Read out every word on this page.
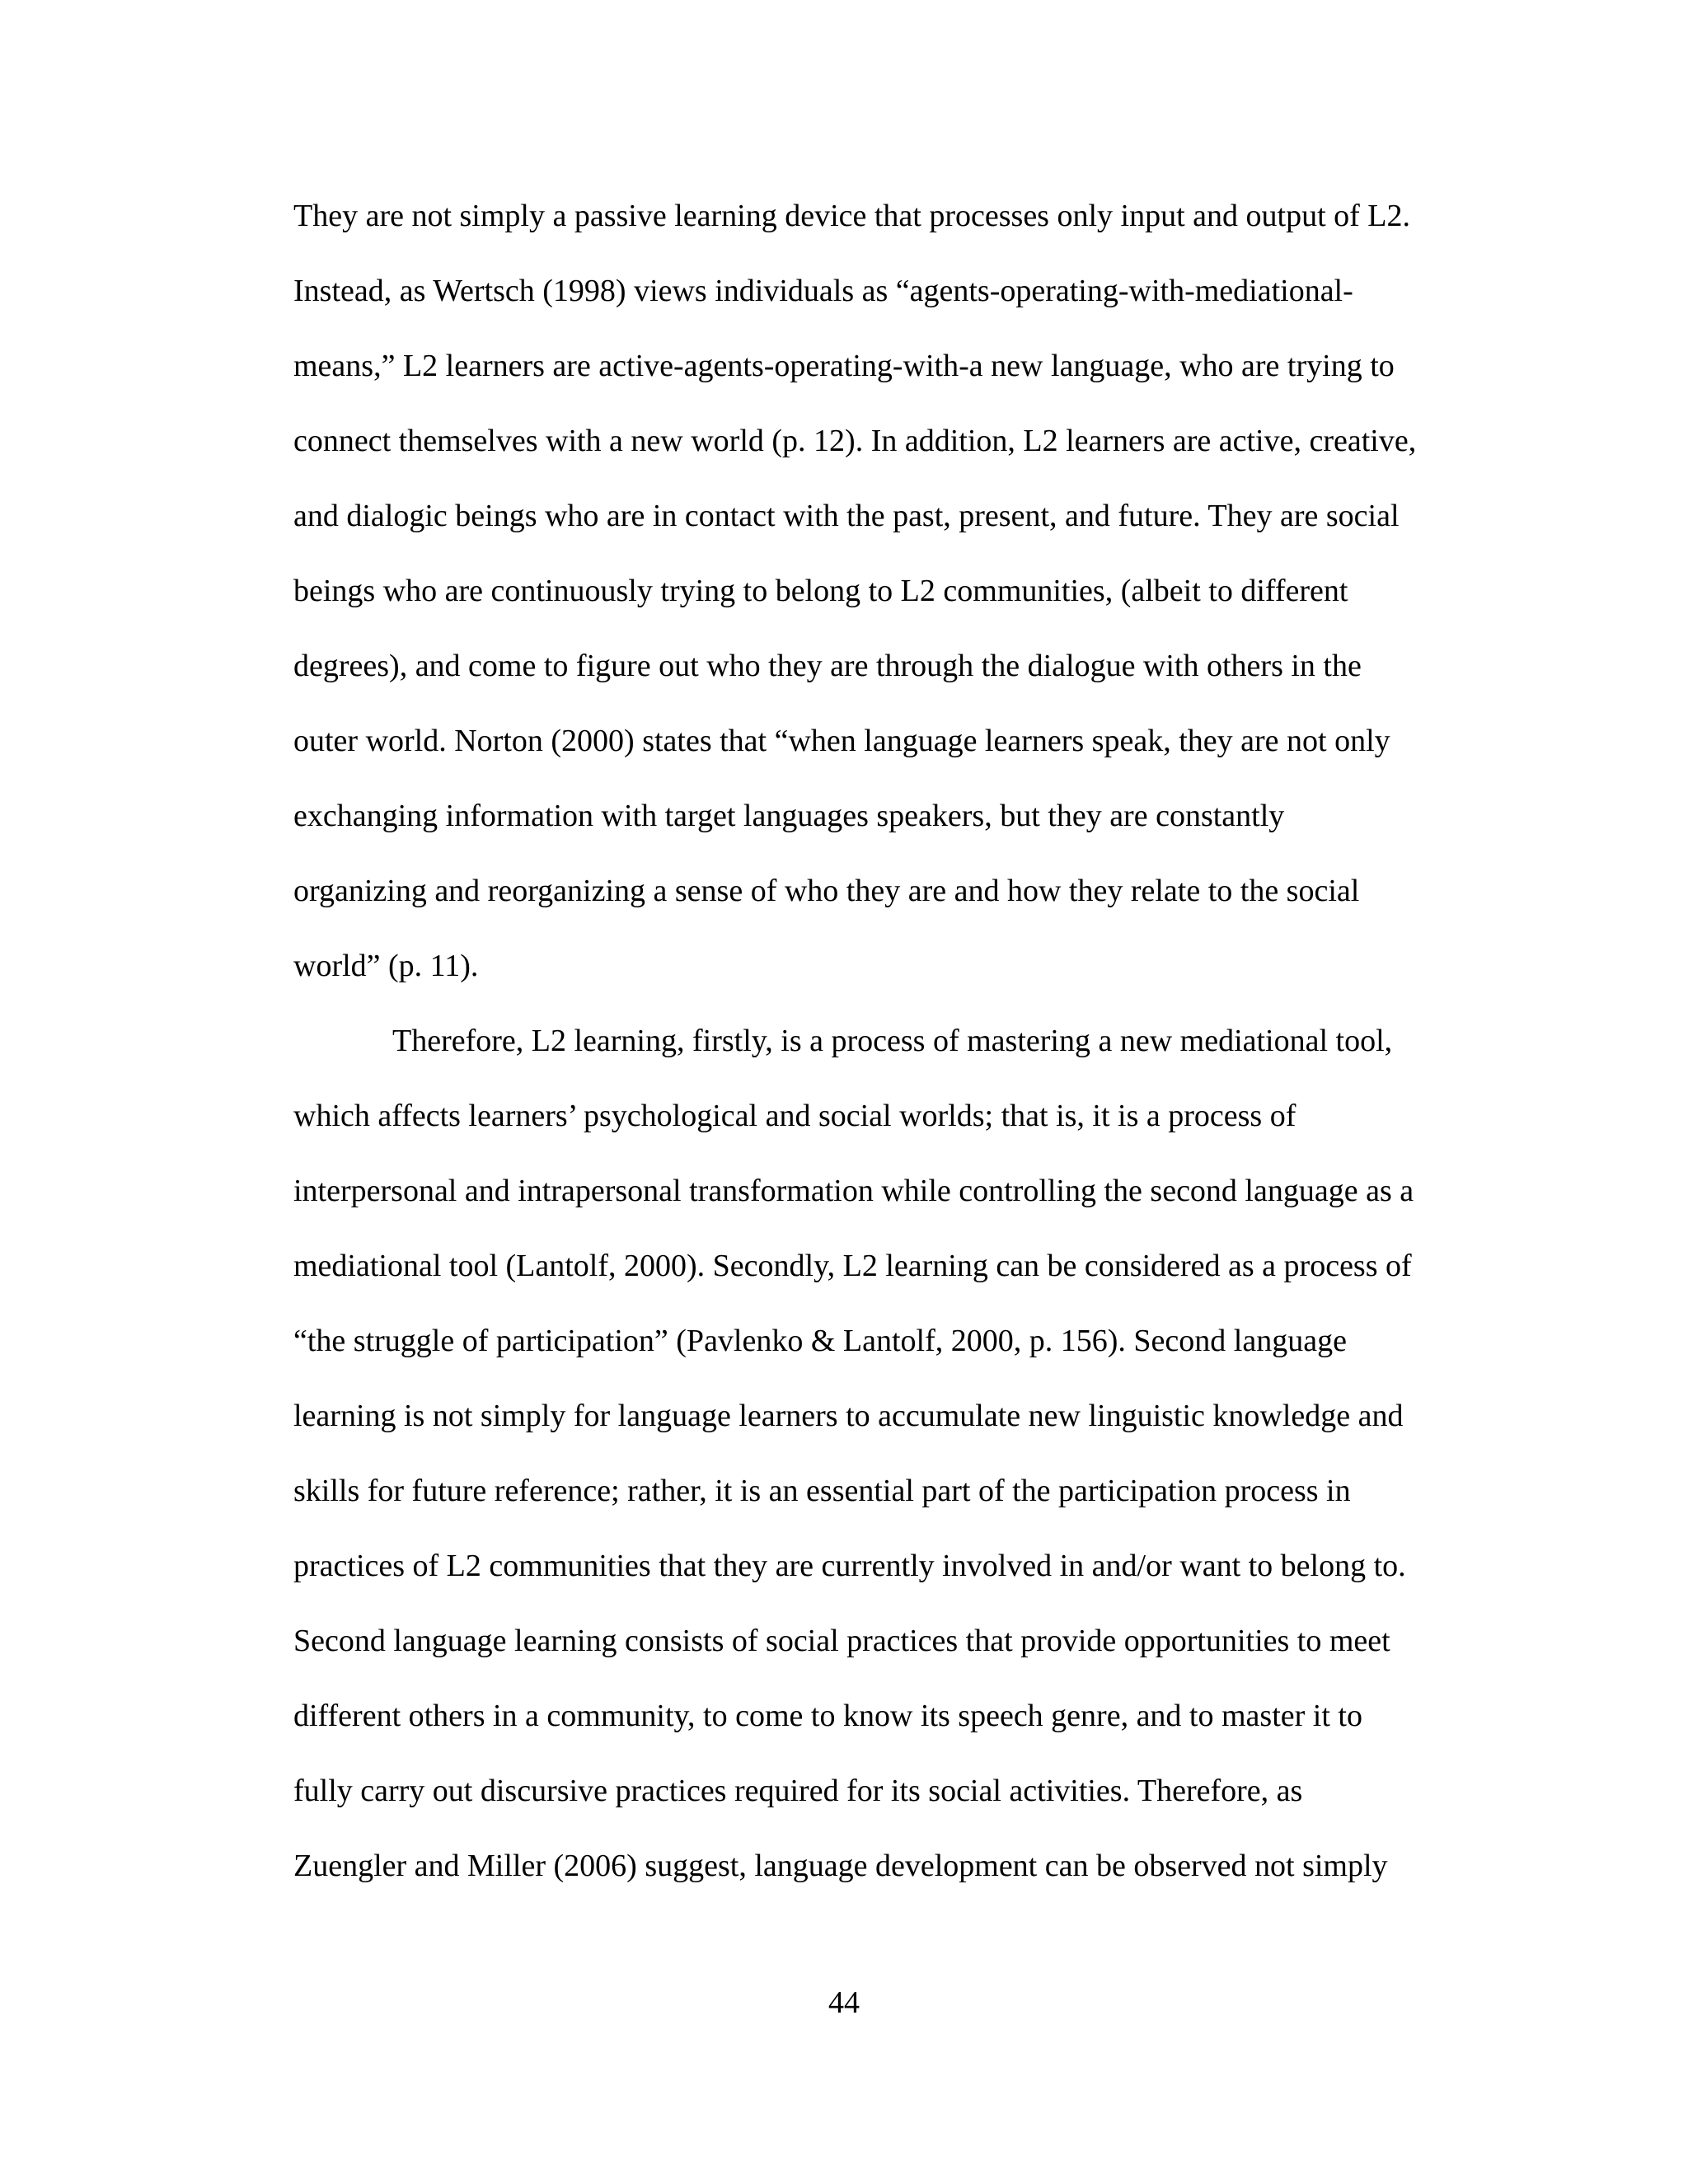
They are not simply a passive learning device that processes only input and output of L2.
Instead, as Wertsch (1998) views individuals as “agents-operating-with-mediational-
means,” L2 learners are active-agents-operating-with-a new language, who are trying to
connect themselves with a new world (p. 12). In addition, L2 learners are active, creative,
and dialogic beings who are in contact with the past, present, and future. They are social
beings who are continuously trying to belong to L2 communities, (albeit to different
degrees), and come to figure out who they are through the dialogue with others in the
outer world. Norton (2000) states that “when language learners speak, they are not only
exchanging information with target languages speakers, but they are constantly
organizing and reorganizing a sense of who they are and how they relate to the social
world” (p. 11).
Therefore, L2 learning, firstly, is a process of mastering a new mediational tool,
which affects learners’ psychological and social worlds; that is, it is a process of
interpersonal and intrapersonal transformation while controlling the second language as a
mediational tool (Lantolf, 2000). Secondly, L2 learning can be considered as a process of
“the struggle of participation” (Pavlenko & Lantolf, 2000, p. 156). Second language
learning is not simply for language learners to accumulate new linguistic knowledge and
skills for future reference; rather, it is an essential part of the participation process in
practices of L2 communities that they are currently involved in and/or want to belong to.
Second language learning consists of social practices that provide opportunities to meet
different others in a community, to come to know its speech genre, and to master it to
fully carry out discursive practices required for its social activities. Therefore, as
Zuengler and Miller (2006) suggest, language development can be observed not simply
44
